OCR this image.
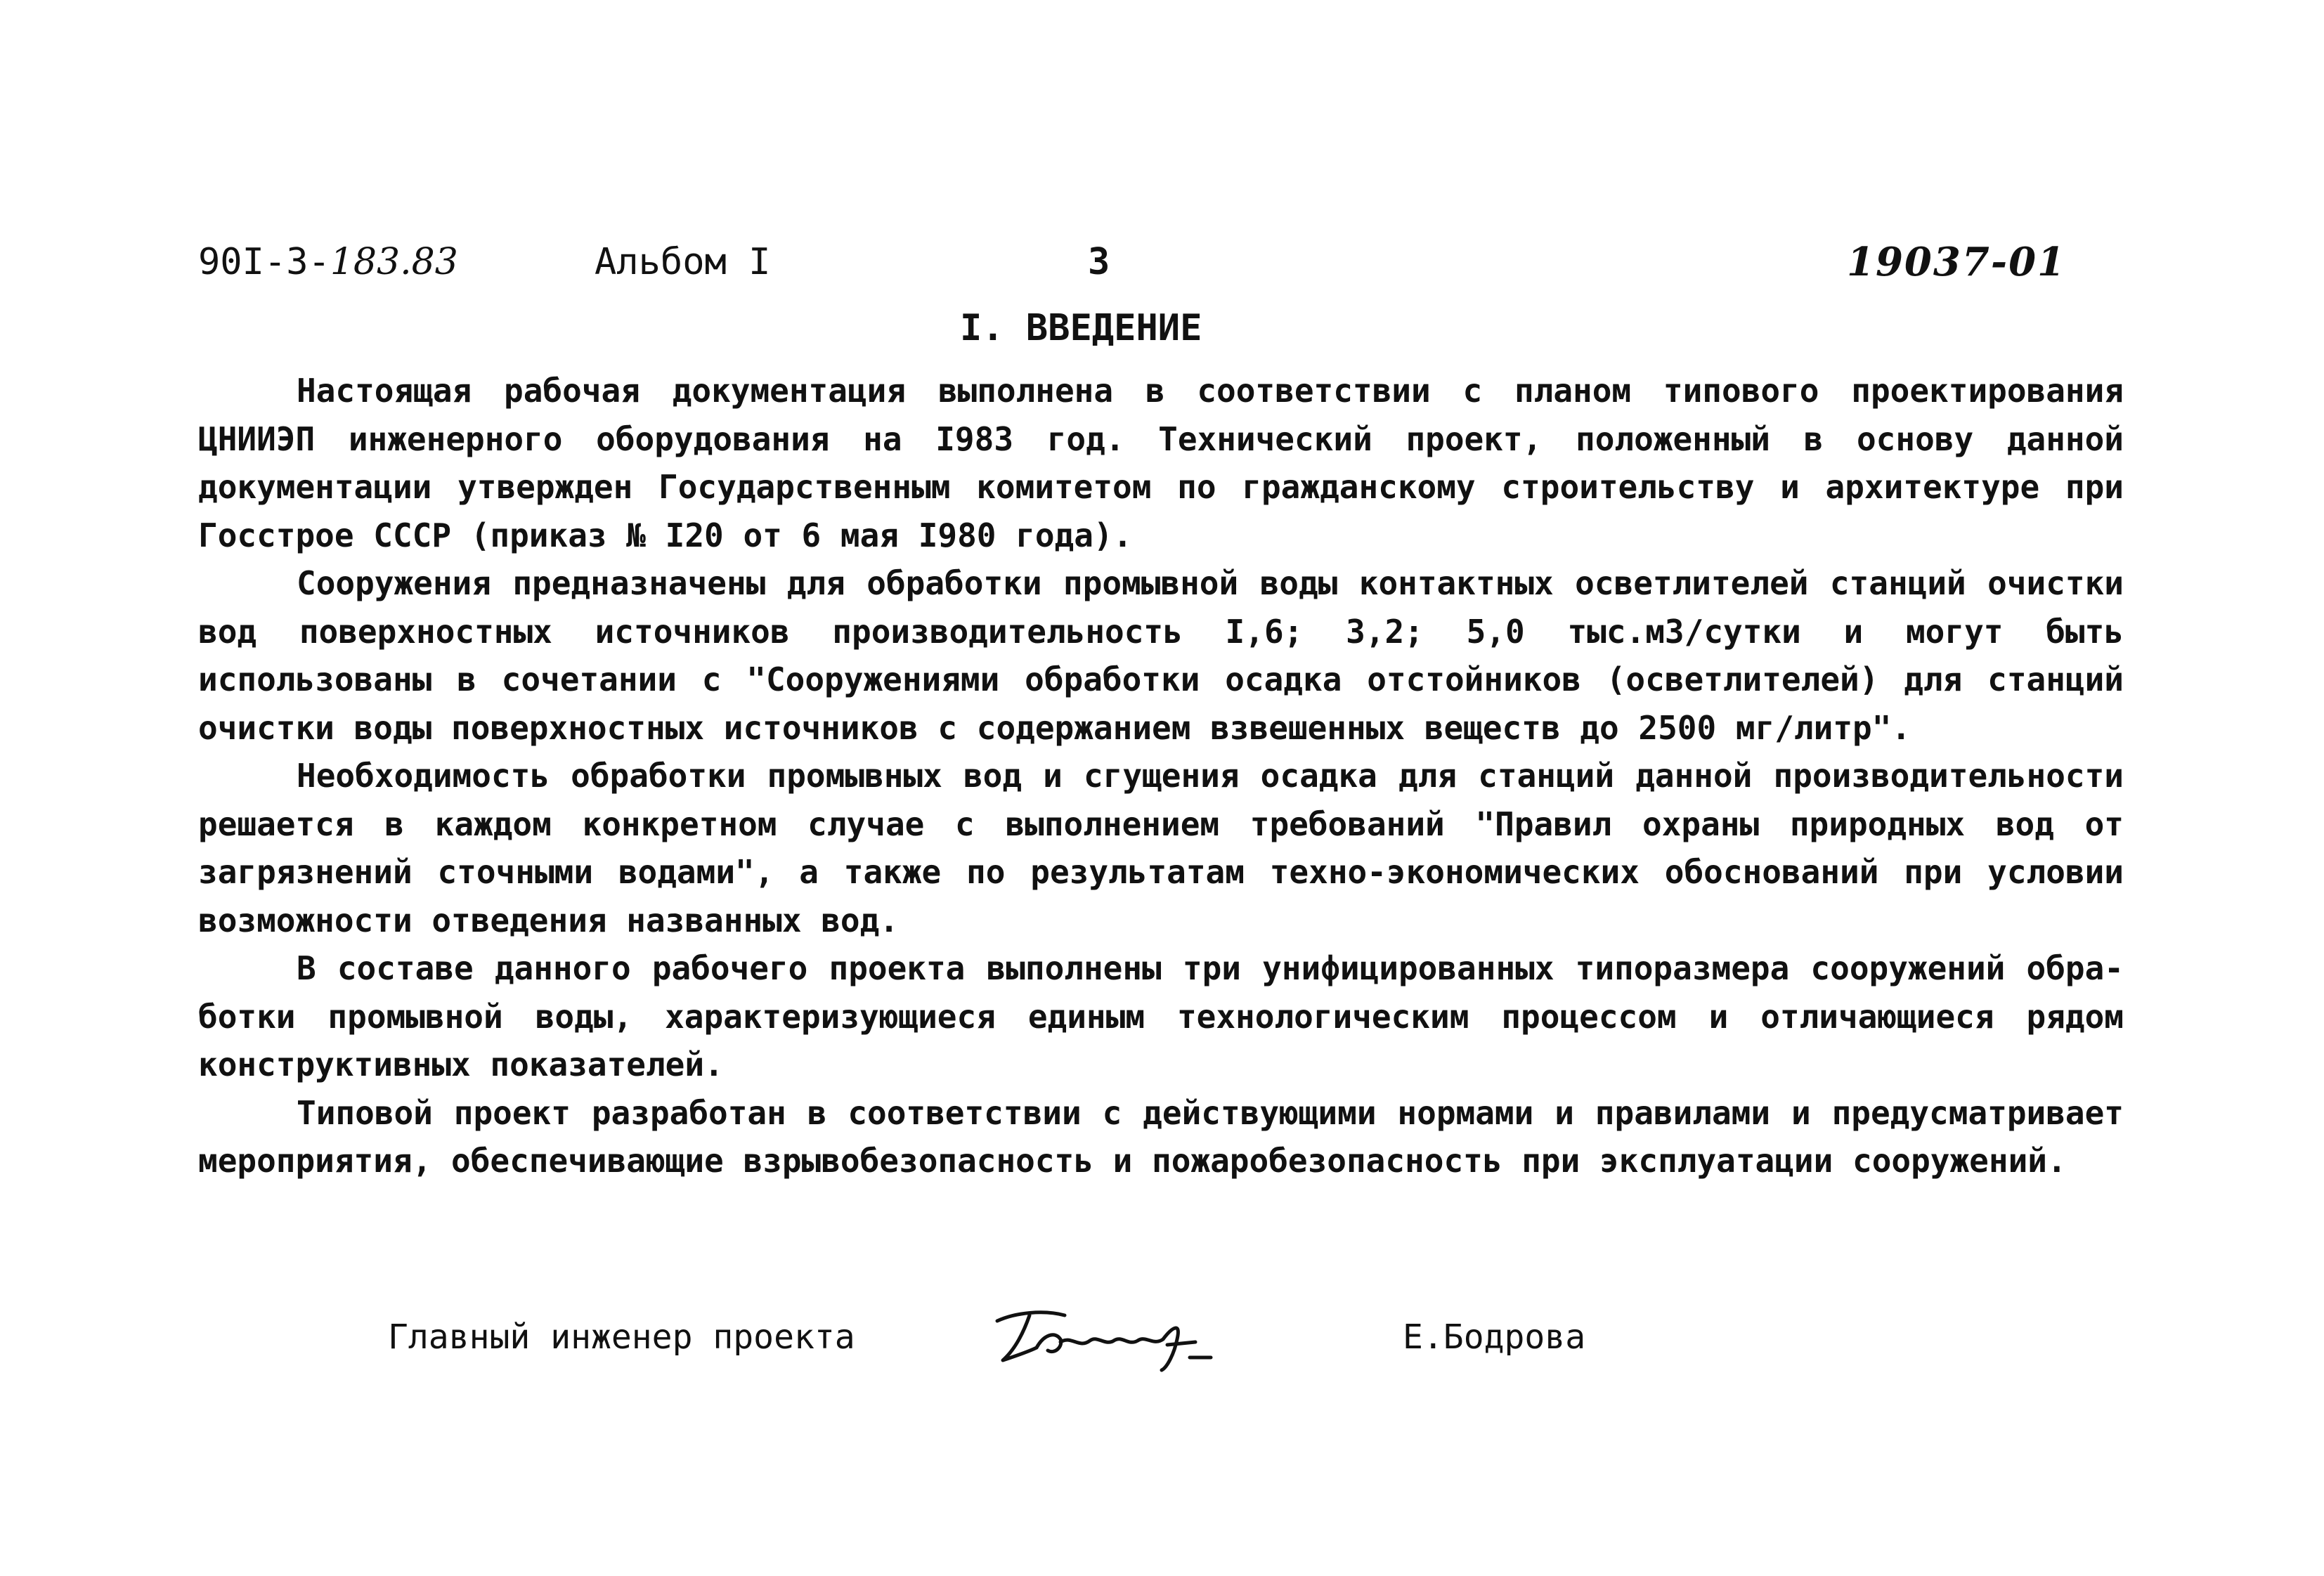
90I-3-183.83	Альбом I	3	19037-01
I. ВВЕДЕНИЕ

Настоящая рабочая документация выполнена в соответствии с планом типового проектирования ЦНИИЭП инженерного оборудования на I983 год. Технический проект, положенный в основу данной документации утвержден Государственным комитетом по гражданскому строительству и архитектуре при Госстрое СССР (приказ № I20 от 6 мая I980 года).

Сооружения предназначены для обработки промывной воды контактных осветлителей станций очистки вод поверхностных источников производительность I,6; 3,2; 5,0 тыс.м3/сутки и могут быть использованы в сочетании с "Сооружениями обработки осадка отстойников (осветлителей) для станций очистки воды поверхностных источников с содержанием взвешенных веществ до 2500 мг/литр".

Необходимость обработки промывных вод и сгущения осадка для станций данной производительности решается в каждом конкретном случае с выполнением требований "Правил охраны природных вод от загрязнений сточными водами", а также по результатам техно-экономических обоснований при условии возможности отведения названных вод.

В составе данного рабочего проекта выполнены три унифицированных типоразмера сооружений обработки промывной воды, характеризующиеся единым технологическим процессом и отличающиеся рядом конструктивных показателей.

Типовой проект разработан в соответствии с действующими нормами и правилами и предусматривает мероприятия, обеспечивающие взрывобезопасность и пожаробезопасность при эксплуатации сооружений.

Главный инженер проекта	Е.Бодрова
